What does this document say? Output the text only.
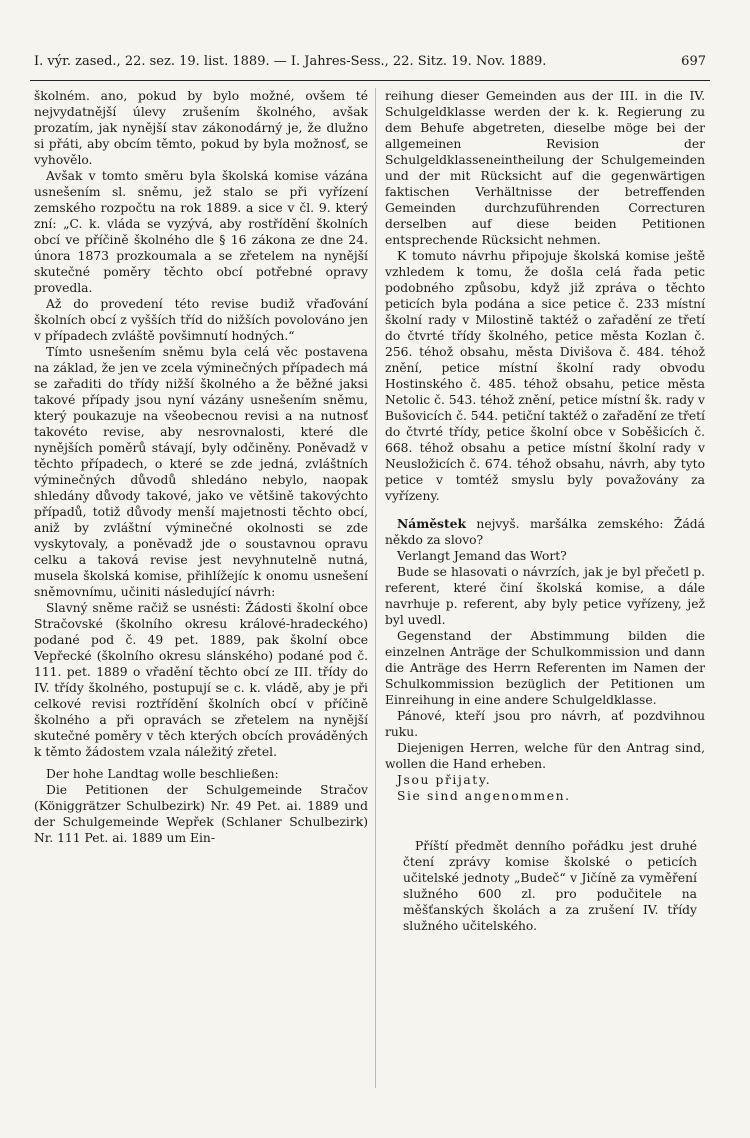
I. výr. zased., 22. sez. 19. list. 1889. — I. Jahres-Sess., 22. Sitz. 19. Nov. 1889.	697

školném. ano, pokud by bylo možné, ovšem té nejvydatnější úlevy zrušením školného, avšak prozatím, jak nynější stav zákonodárný je, že dlužno si přáti, aby obcím těmto, pokud by byla možnosť, se vyhovělo.

Avšak v tomto směru byla školská komise vázána usnešením sl. sněmu, jež stalo se při vyřízení zemského rozpočtu na rok 1889. a sice v čl. 9. který zní: „C. k. vláda se vyzývá, aby rostřídění školních obcí ve příčině školného dle § 16 zákona ze dne 24. února 1873 prozkoumala a se zřetelem na nynější skutečné poměry těchto obcí potřebné opravy provedla.

Až do provedení této revise budiž vřaďování školních obcí z vyšších tříd do nižších povolováno jen v případech zvláště povšimnutí hodných.“

Tímto usnešením sněmu byla celá věc postavena na základ, že jen ve zcela výminečných případech má se zařaditi do třídy nižší školného a že běžné jaksi takové případy jsou nyní vázány usnešením sněmu, který poukazuje na všeobecnou revisi a na nutnosť takovéto revise, aby nesrovnalosti, které dle nynějších poměrů stávají, byly odčiněny. Poněvadž v těchto případech, o které se zde jedná, zvláštních výminečných důvodů shledáno nebylo, naopak shledány důvody takové, jako ve většině takovýchto případů, totiž důvody menší majetnosti těchto obcí, aniž by zvláštní výminečné okolnosti se zde vyskytovaly, a poněvadž jde o soustavnou opravu celku a taková revise jest nevyhnutelně nutná, musela školská komise, přihlížejíc k onomu usnešení sněmovnímu, učiniti následující návrh:

Slavný sněme račiž se usnésti: Žádosti školní obce Stračovské (školního okresu králové-hradeckého) podané pod č. 49 pet. 1889, pak školní obce Vepřecké (školního okresu slánského) podané pod č. 111. pet. 1889 o vřadění těchto obcí ze III. třídy do IV. třídy školného, postupují se c. k. vládě, aby je při celkové revisi roztřídění školních obcí v příčině školného a při opravách se zřetelem na nynější skutečné poměry v těch kterých obcích prováděných k těmto žádostem vzala náležitý zřetel.

Der hohe Landtag wolle beschließen:

Die Petitionen der Schulgemeinde Stračov (Königgrätzer Schulbezirk) Nr. 49 Pet. ai. 1889 und der Schulgemeinde Wepřek (Schlaner Schulbezirk) Nr. 111 Pet. ai. 1889 um Ein-

reihung dieser Gemeinden aus der III. in die IV. Schulgeldklasse werden der k. k. Regierung zu dem Behufe abgetreten, dieselbe möge bei der allgemeinen Revision der Schulgeldklasseneintheilung der Schulgemeinden und der mit Rücksicht auf die gegenwärtigen faktischen Verhältnisse der betreffenden Gemeinden durchzuführenden Correcturen derselben auf diese beiden Petitionen entsprechende Rücksicht nehmen.

K tomuto návrhu připojuje školská komise ještě vzhledem k tomu, že došla celá řada petic podobného způsobu, když již zpráva o těchto peticích byla podána a sice petice č. 233 místní školní rady v Milostině taktéž o zařadění ze třetí do čtvrté třídy školného, petice města Kozlan č. 256. téhož obsahu, města Divišova č. 484. téhož znění, petice místní školní rady obvodu Hostinského č. 485. téhož obsahu, petice města Netolic č. 543. téhož znění, petice místní šk. rady v Bušovicích č. 544. petiční taktéž o zařadění ze třetí do čtvrté třídy, petice školní obce v Soběšicích č. 668. téhož obsahu a petice místní školní rady v Neusložicích č. 674. téhož obsahu, návrh, aby tyto petice v tomtéž smyslu byly považovány za vyřízeny.

Náměstek nejvyš. maršálka zemského: Žádá někdo za slovo?

Verlangt Jemand das Wort?

Bude se hlasovati o návrzích, jak je byl přečetl p. referent, které činí školská komise, a dále navrhuje p. referent, aby byly petice vyřízeny, jež byl uvedl.

Gegenstand der Abstimmung bilden die einzelnen Anträge der Schulkommission und dann die Anträge des Herrn Referenten im Namen der Schulkommission bezüglich der Petitionen um Einreihung in eine andere Schulgeldklasse.

Pánové, kteří jsou pro návrh, ať pozdvihnou ruku.

Diejenigen Herren, welche für den Antrag sind, wollen die Hand erheben.

Jsou přijaty.

Sie sind angenommen.

Příští předmět denního pořádku jest druhé čtení zprávy komise školské o peticích učitelské jednoty „Budeč“ v Jičíně za vyměření služného 600 zl. pro podučitele na měšťanských školách a za zrušení IV. třídy služného učitelského.
